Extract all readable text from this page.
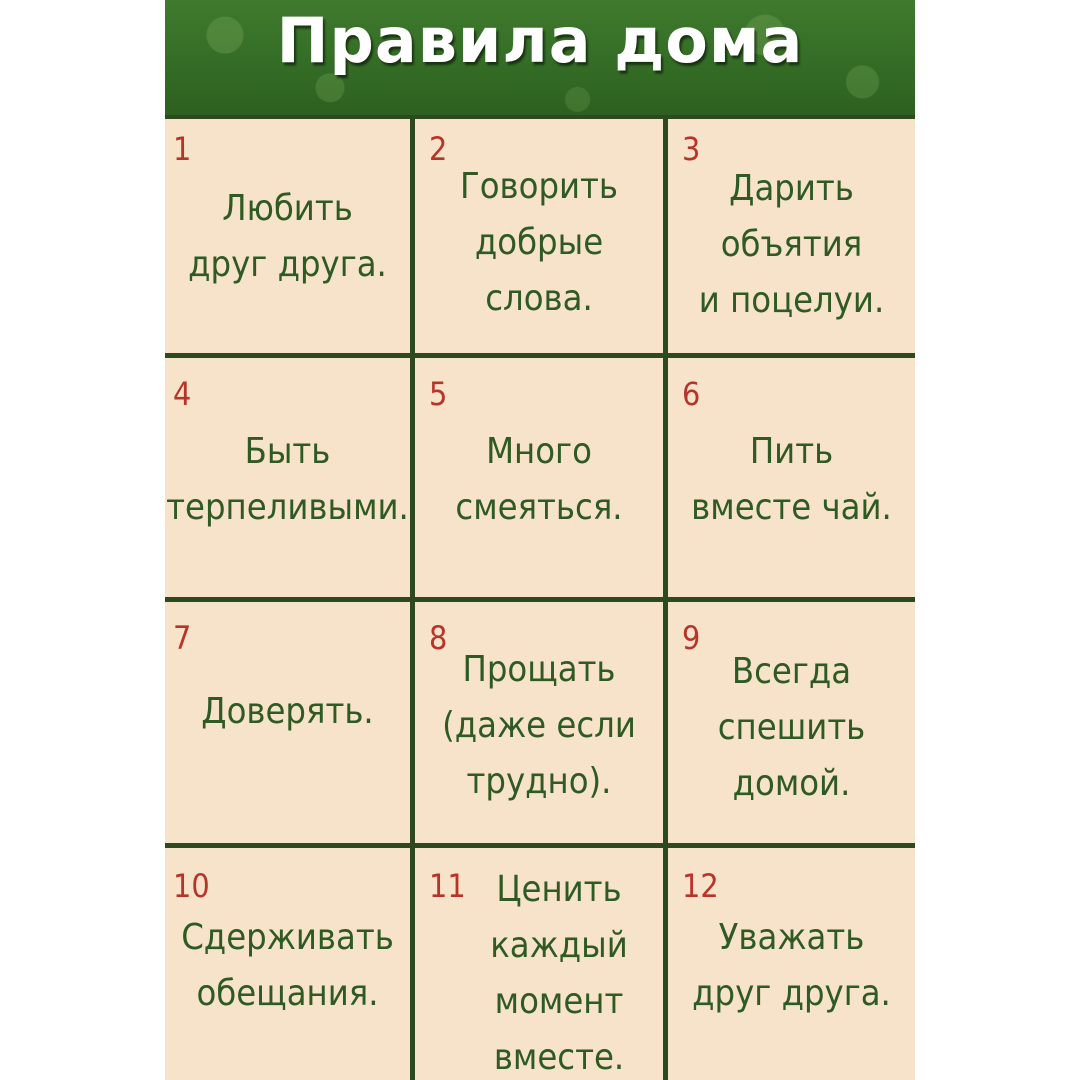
Правила дома
1
Любить
друг друга.
2
Говорить
добрые
слова.
3
Дарить
объятия
и поцелуи.
4
Быть
терпеливыми.
5
Много
смеяться.
6
Пить
вместе чай.
7
Доверять.
8
Прощать
(даже если
трудно).
9
Всегда
спешить
домой.
10
Сдерживать
обещания.
11 Ценить
каждый
момент
вместе.
12
Уважать
друг друга.
